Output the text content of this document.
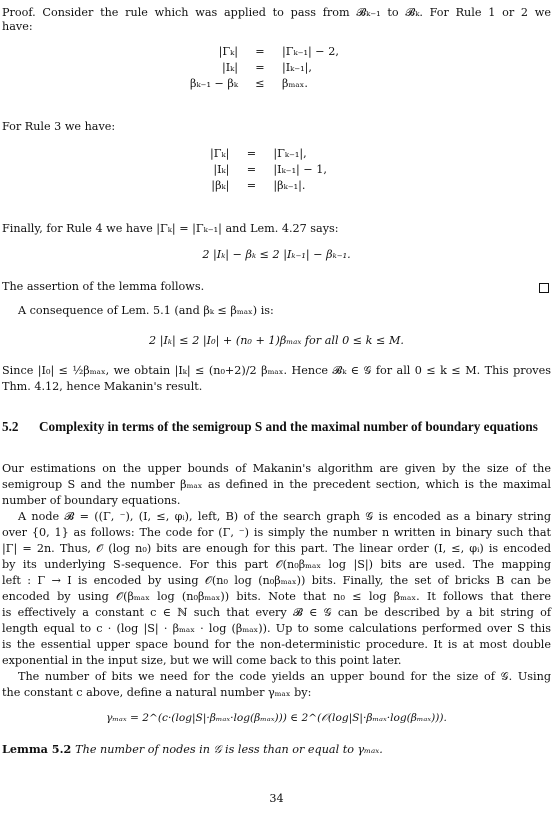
Proof. Consider the rule which was applied to pass from 𝓑ₖ₋₁ to 𝓑ₖ. For Rule 1 or 2 we
have:
|Γₖ|	=	|Γₖ₋₁| − 2,
|Iₖ|	=	|Iₖ₋₁|,
βₖ₋₁ − βₖ	≤	βₘₐₓ.
For Rule 3 we have:
|Γₖ|	=	|Γₖ₋₁|,
|Iₖ|	=	|Iₖ₋₁| − 1,
|βₖ|	=	|βₖ₋₁|.
Finally, for Rule 4 we have |Γₖ| = |Γₖ₋₁| and Lem. 4.27 says:
2 |Iₖ| − βₖ ≤ 2 |Iₖ₋₁| − βₖ₋₁.
The assertion of the lemma follows.
A consequence of Lem. 5.1 (and βₖ ≤ βₘₐₓ) is:
2 |Iₖ| ≤ 2 |I₀| + (n₀ + 1)βₘₐₓ for all 0 ≤ k ≤ M.
Since |I₀| ≤ ½βₘₐₓ, we obtain |Iₖ| ≤ (n₀+2)/2 βₘₐₓ. Hence 𝓑ₖ ∈ 𝒢 for all 0 ≤ k ≤ M. This proves
Thm. 4.12, hence Makanin's result.
5.2 Complexity in terms of the semigroup S and the maximal number of boundary equations
Our estimations on the upper bounds of Makanin's algorithm are given by the size of the
semigroup S and the number βₘₐₓ as defined in the precedent section, which is the maximal
number of boundary equations.
A node 𝓑 = ((Γ, ⁻), (I, ≤, φᵢ), left, B) of the search graph 𝒢 is encoded as a binary string
over {0, 1} as follows: The code for (Γ, ⁻) is simply the number n written in binary such that
|Γ| = 2n. Thus, 𝒪 (log n₀) bits are enough for this part. The linear order (I, ≤, φᵢ) is encoded
by its underlying S-sequence. For this part 𝒪(n₀βₘₐₓ log |S|) bits are used. The mapping
left : Γ → I is encoded by using 𝒪(n₀ log (n₀βₘₐₓ)) bits. Finally, the set of bricks B can be
encoded by using 𝒪(βₘₐₓ log (n₀βₘₐₓ)) bits. Note that n₀ ≤ log βₘₐₓ. It follows that there
is effectively a constant c ∈ ℕ such that every 𝓑 ∈ 𝒢 can be described by a bit string of
length equal to c · (log |S| · βₘₐₓ · log (βₘₐₓ)). Up to some calculations performed over S this
is the essential upper space bound for the non-deterministic procedure. It is at most double
exponential in the input size, but we will come back to this point later.
The number of bits we need for the code yields an upper bound for the size of 𝒢. Using
the constant c above, define a natural number γₘₐₓ by:
γₘₐₓ = 2^(c·(log|S|·βₘₐₓ·log(βₘₐₓ))) ∈ 2^(𝒪(log|S|·βₘₐₓ·log(βₘₐₓ))).
Lemma 5.2 The number of nodes in 𝒢 is less than or equal to γₘₐₓ.
34
